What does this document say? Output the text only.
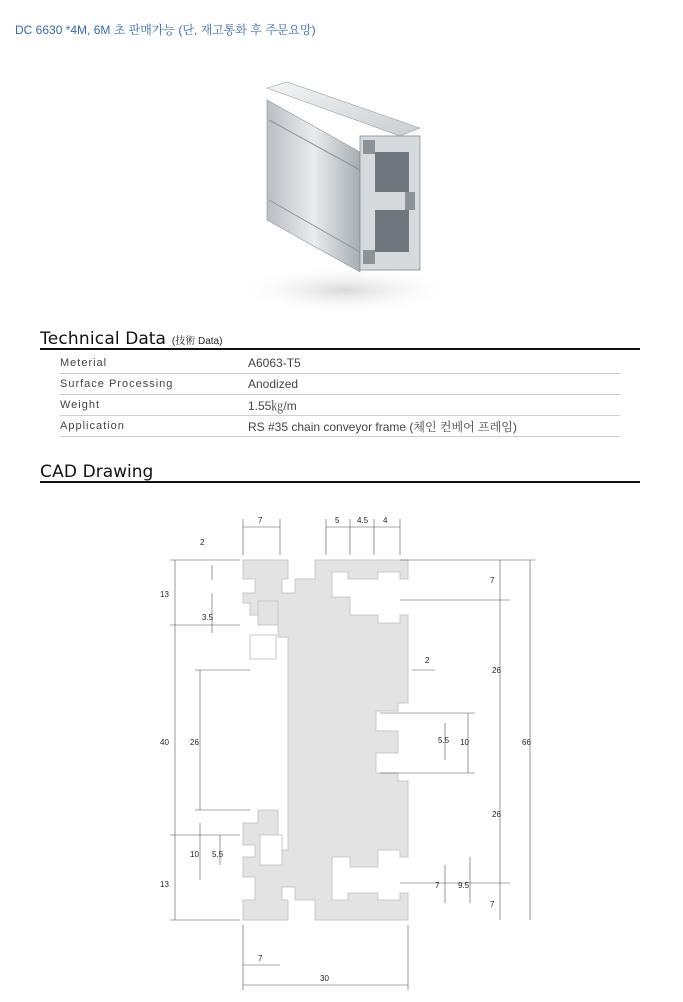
DC 6630 *4M, 6M 초 판매가능 (단, 재고통화 후 주문요망)
Technical Data (技術 Data)
Meterial	A6063-T5
Surface Processing	Anodized
Weight	1.55㎏/m
Application	RS #35 chain conveyor frame (체인 컨베어 프레임)
CAD Drawing
7	5 4.5 4
2
13
3.5
40	26
10 5.5
13
2
5.5 10
7
26
26
7 9.5
7
66
7
30
